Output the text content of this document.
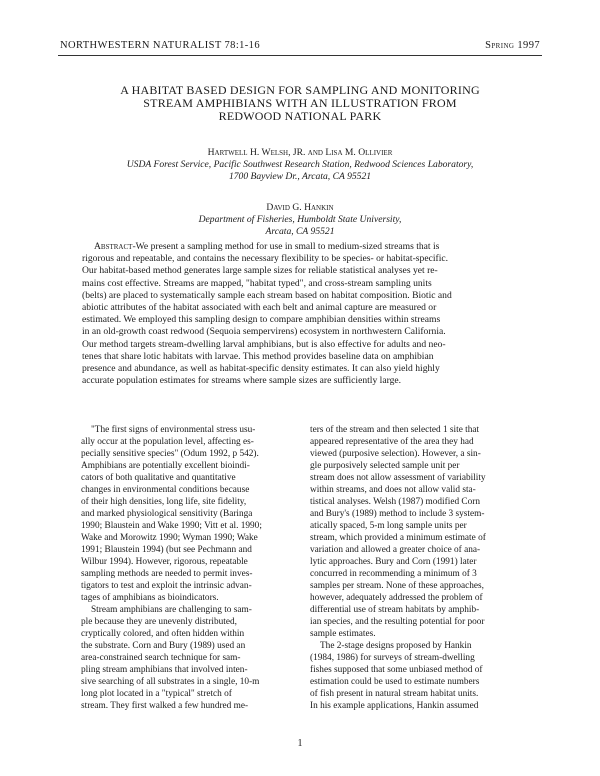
NORTHWESTERN NATURALIST 78:1-16	Spring 1997
A HABITAT BASED DESIGN FOR SAMPLING AND MONITORING
STREAM AMPHIBIANS WITH AN ILLUSTRATION FROM
REDWOOD NATIONAL PARK
Hartwell H. Welsh, JR. and Lisa M. Ollivier
USDA Forest Service, Pacific Southwest Research Station, Redwood Sciences Laboratory,
1700 Bayview Dr., Arcata, CA 95521
David G. Hankin
Department of Fisheries, Humboldt State University,
Arcata, CA 95521
Abstract-We present a sampling method for use in small to medium-sized streams that is
rigorous and repeatable, and contains the necessary flexibility to be species- or habitat-specific.
Our habitat-based method generates large sample sizes for reliable statistical analyses yet re-
mains cost effective. Streams are mapped, "habitat typed", and cross-stream sampling units
(belts) are placed to systematically sample each stream based on habitat composition. Biotic and
abiotic attributes of the habitat associated with each belt and animal capture are measured or
estimated. We employed this sampling design to compare amphibian densities within streams
in an old-growth coast redwood (Sequoia sempervirens) ecosystem in northwestern California.
Our method targets stream-dwelling larval amphibians, but is also effective for adults and neo-
tenes that share lotic habitats with larvae. This method provides baseline data on amphibian
presence and abundance, as well as habitat-specific density estimates. It can also yield highly
accurate population estimates for streams where sample sizes are sufficiently large.
"The first signs of environmental stress usu-
ally occur at the population level, affecting es-
pecially sensitive species" (Odum 1992, p 542).
Amphibians are potentially excellent bioindi-
cators of both qualitative and quantitative
changes in environmental conditions because
of their high densities, long life, site fidelity,
and marked physiological sensitivity (Baringa
1990; Blaustein and Wake 1990; Vitt et al. 1990;
Wake and Morowitz 1990; Wyman 1990; Wake
1991; Blaustein 1994) (but see Pechmann and
Wilbur 1994). However, rigorous, repeatable
sampling methods are needed to permit inves-
tigators to test and exploit the intrinsic advan-
tages of amphibians as bioindicators.
Stream amphibians are challenging to sam-
ple because they are unevenly distributed,
cryptically colored, and often hidden within
the substrate. Corn and Bury (1989) used an
area-constrained search technique for sam-
pling stream amphibians that involved inten-
sive searching of all substrates in a single, 10-m
long plot located in a "typical" stretch of
stream. They first walked a few hundred me-
ters of the stream and then selected 1 site that
appeared representative of the area they had
viewed (purposive selection). However, a sin-
gle purposively selected sample unit per
stream does not allow assessment of variability
within streams, and does not allow valid sta-
tistical analyses. Welsh (1987) modified Corn
and Bury's (1989) method to include 3 system-
atically spaced, 5-m long sample units per
stream, which provided a minimum estimate of
variation and allowed a greater choice of ana-
lytic approaches. Bury and Corn (1991) later
concurred in recommending a minimum of 3
samples per stream. None of these approaches,
however, adequately addressed the problem of
differential use of stream habitats by amphib-
ian species, and the resulting potential for poor
sample estimates.
The 2-stage designs proposed by Hankin
(1984, 1986) for surveys of stream-dwelling
fishes supposed that some unbiased method of
estimation could be used to estimate numbers
of fish present in natural stream habitat units.
In his example applications, Hankin assumed
1
